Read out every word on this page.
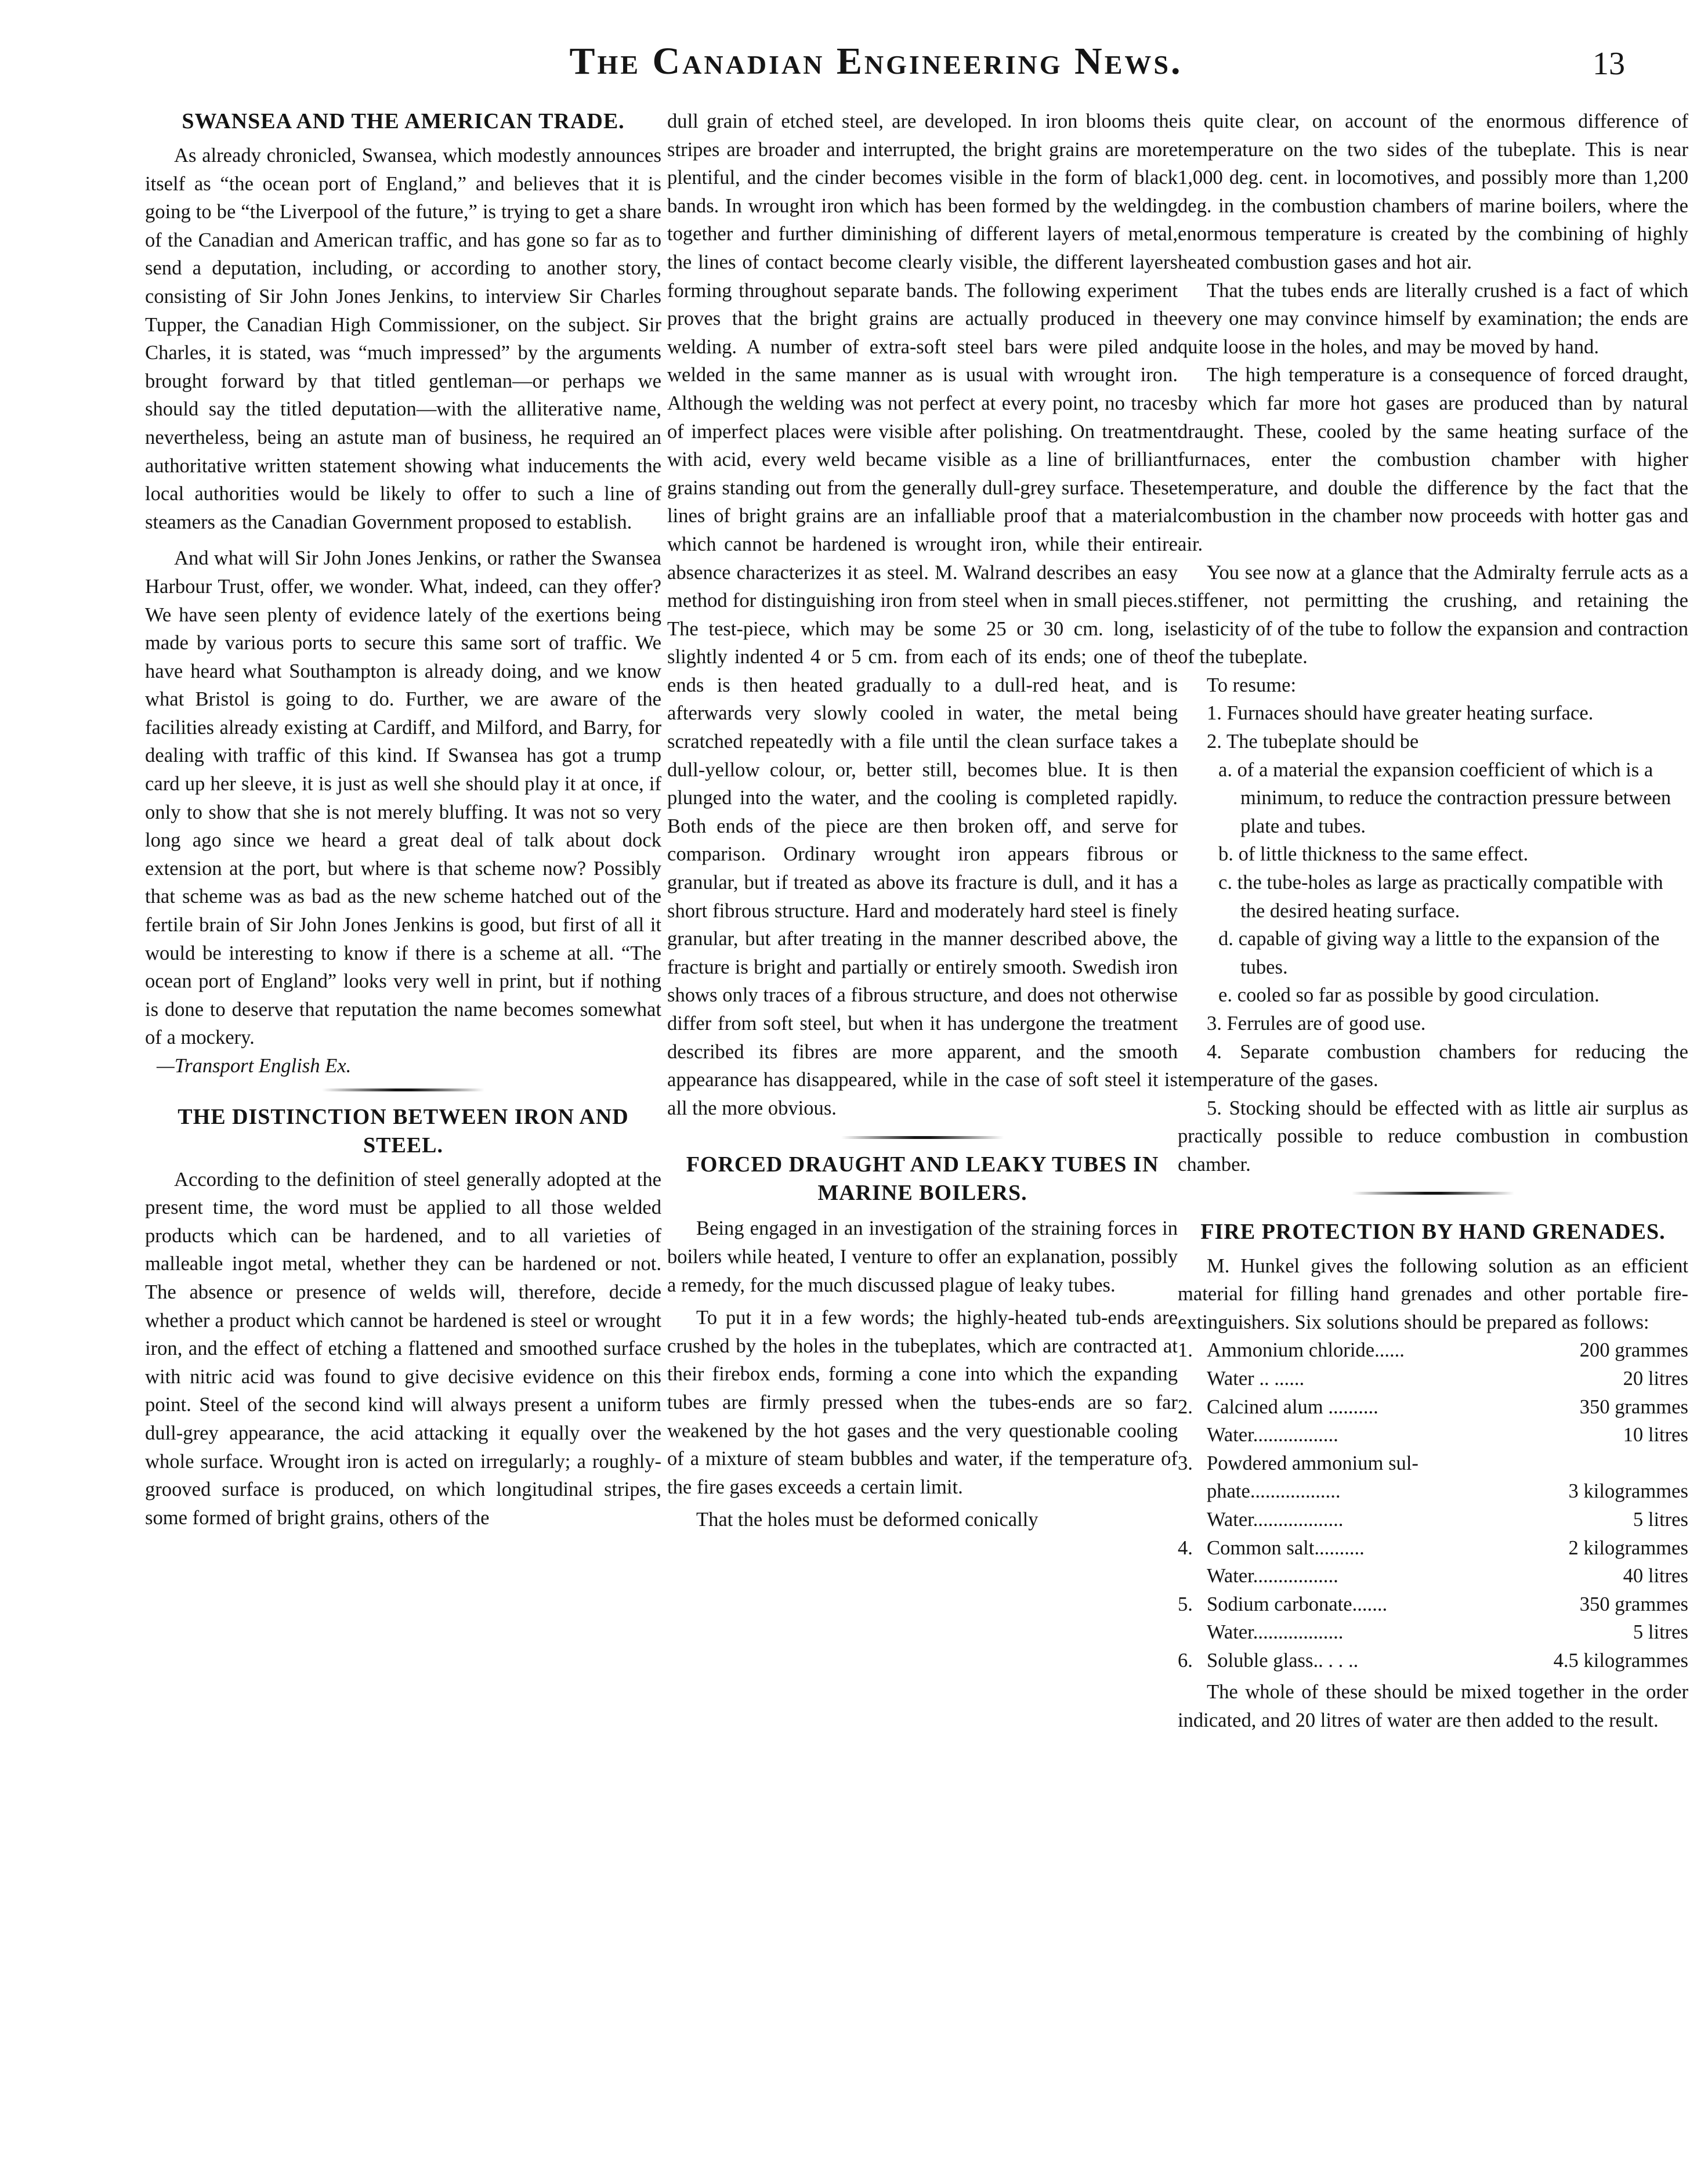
The Canadian Engineering News.	13
SWANSEA AND THE AMERICAN TRADE.

As already chronicled, Swansea, which modestly announces itself as “the ocean port of England,” and believes that it is going to be “the Liverpool of the future,” is trying to get a share of the Canadian and American traffic, and has gone so far as to send a deputation, including, or according to another story, consisting of Sir John Jones Jenkins, to interview Sir Charles Tupper, the Canadian High Commissioner, on the subject. Sir Charles, it is stated, was “much impressed” by the arguments brought forward by that titled gentleman—or perhaps we should say the titled deputation—with the alliterative name, nevertheless, being an astute man of business, he required an authoritative written statement showing what inducements the local authorities would be likely to offer to such a line of steamers as the Canadian Government proposed to establish.

And what will Sir John Jones Jenkins, or rather the Swansea Harbour Trust, offer, we wonder. What, indeed, can they offer? We have seen plenty of evidence lately of the exertions being made by various ports to secure this same sort of traffic. We have heard what Southampton is already doing, and we know what Bristol is going to do. Further, we are aware of the facilities already existing at Cardiff, and Milford, and Barry, for dealing with traffic of this kind. If Swansea has got a trump card up her sleeve, it is just as well she should play it at once, if only to show that she is not merely bluffing. It was not so very long ago since we heard a great deal of talk about dock extension at the port, but where is that scheme now? Possibly that scheme was as bad as the new scheme hatched out of the fertile brain of Sir John Jones Jenkins is good, but first of all it would be interesting to know if there is a scheme at all. “The ocean port of England” looks very well in print, but if nothing is done to deserve that reputation the name becomes somewhat of a mockery.

—Transport English Ex.

THE DISTINCTION BETWEEN IRON AND STEEL.

According to the definition of steel generally adopted at the present time, the word must be applied to all those welded products which can be hardened, and to all varieties of malleable ingot metal, whether they can be hardened or not. The absence or presence of welds will, therefore, decide whether a product which cannot be hardened is steel or wrought iron, and the effect of etching a flattened and smoothed surface with nitric acid was found to give decisive evidence on this point. Steel of the second kind will always present a uniform dull-grey appearance, the acid attacking it equally over the whole surface. Wrought iron is acted on irregularly; a roughly-grooved surface is produced, on which longitudinal stripes, some formed of bright grains, others of the

dull grain of etched steel, are developed. In iron blooms the stripes are broader and interrupted, the bright grains are more plentiful, and the cinder becomes visible in the form of black bands. In wrought iron which has been formed by the welding together and further diminishing of different layers of metal, the lines of contact become clearly visible, the different layers forming throughout separate bands. The following experiment proves that the bright grains are actually produced in the welding. A number of extra-soft steel bars were piled and welded in the same manner as is usual with wrought iron. Although the welding was not perfect at every point, no traces of imperfect places were visible after polishing. On treatment with acid, every weld became visible as a line of brilliant grains standing out from the generally dull-grey surface. These lines of bright grains are an infalliable proof that a material which cannot be hardened is wrought iron, while their entire absence characterizes it as steel. M. Walrand describes an easy method for distinguishing iron from steel when in small pieces. The test-piece, which may be some 25 or 30 cm. long, is slightly indented 4 or 5 cm. from each of its ends; one of the ends is then heated gradually to a dull-red heat, and is afterwards very slowly cooled in water, the metal being scratched repeatedly with a file until the clean surface takes a dull-yellow colour, or, better still, becomes blue. It is then plunged into the water, and the cooling is completed rapidly. Both ends of the piece are then broken off, and serve for comparison. Ordinary wrought iron appears fibrous or granular, but if treated as above its fracture is dull, and it has a short fibrous structure. Hard and moderately hard steel is finely granular, but after treating in the manner described above, the fracture is bright and partially or entirely smooth. Swedish iron shows only traces of a fibrous structure, and does not otherwise differ from soft steel, but when it has undergone the treatment described its fibres are more apparent, and the smooth appearance has disappeared, while in the case of soft steel it is all the more obvious.

FORCED DRAUGHT AND LEAKY TUBES IN MARINE BOILERS.

Being engaged in an investigation of the straining forces in boilers while heated, I venture to offer an explanation, possibly a remedy, for the much discussed plague of leaky tubes.

To put it in a few words; the highly-heated tub-ends are crushed by the holes in the tubeplates, which are contracted at their firebox ends, forming a cone into which the expanding tubes are firmly pressed when the tubes-ends are so far weakened by the hot gases and the very questionable cooling of a mixture of steam bubbles and water, if the temperature of the fire gases exceeds a certain limit.

That the holes must be deformed conically

is quite clear, on account of the enormous difference of temperature on the two sides of the tubeplate. This is near 1,000 deg. cent. in locomotives, and possibly more than 1,200 deg. in the combustion chambers of marine boilers, where the enormous temperature is created by the combining of highly heated combustion gases and hot air.

That the tubes ends are literally crushed is a fact of which every one may convince himself by examination; the ends are quite loose in the holes, and may be moved by hand.

The high temperature is a consequence of forced draught, by which far more hot gases are produced than by natural draught. These, cooled by the same heating surface of the furnaces, enter the combustion chamber with higher temperature, and double the difference by the fact that the combustion in the chamber now proceeds with hotter gas and air.

You see now at a glance that the Admiralty ferrule acts as a stiffener, not permitting the crushing, and retaining the elasticity of of the tube to follow the expansion and contraction of the tubeplate.

To resume:

1. Furnaces should have greater heating surface.

2. The tubeplate should be

a. of a material the expansion coefficient of which is a minimum, to reduce the contraction pressure between plate and tubes.

b. of little thickness to the same effect.

c. the tube-holes as large as practically compatible with the desired heating surface.

d. capable of giving way a little to the expansion of the tubes.

e. cooled so far as possible by good circulation.

3. Ferrules are of good use.

4. Separate combustion chambers for reducing the temperature of the gases.

5. Stocking should be effected with as little air surplus as practically possible to reduce combustion in combustion chamber.

FIRE PROTECTION BY HAND GRENADES.

M. Hunkel gives the following solution as an efficient material for filling hand grenades and other portable fire-extinguishers. Six solutions should be prepared as follows:

1. Ammonium chloride......	200 grammes
Water .. ......	20 litres
2. Calcined alum ..........	350 grammes
Water.................	10 litres
3. Powdered ammonium sul-
phate..................	3 kilogrammes
Water..................	5 litres
4. Common salt..........	2 kilogrammes
Water.................	40 litres
5. Sodium carbonate.......	350 grammes
Water..................	5 litres
6. Soluble glass.. . . ..	4.5 kilogrammes

The whole of these should be mixed together in the order indicated, and 20 litres of water are then added to the result.
